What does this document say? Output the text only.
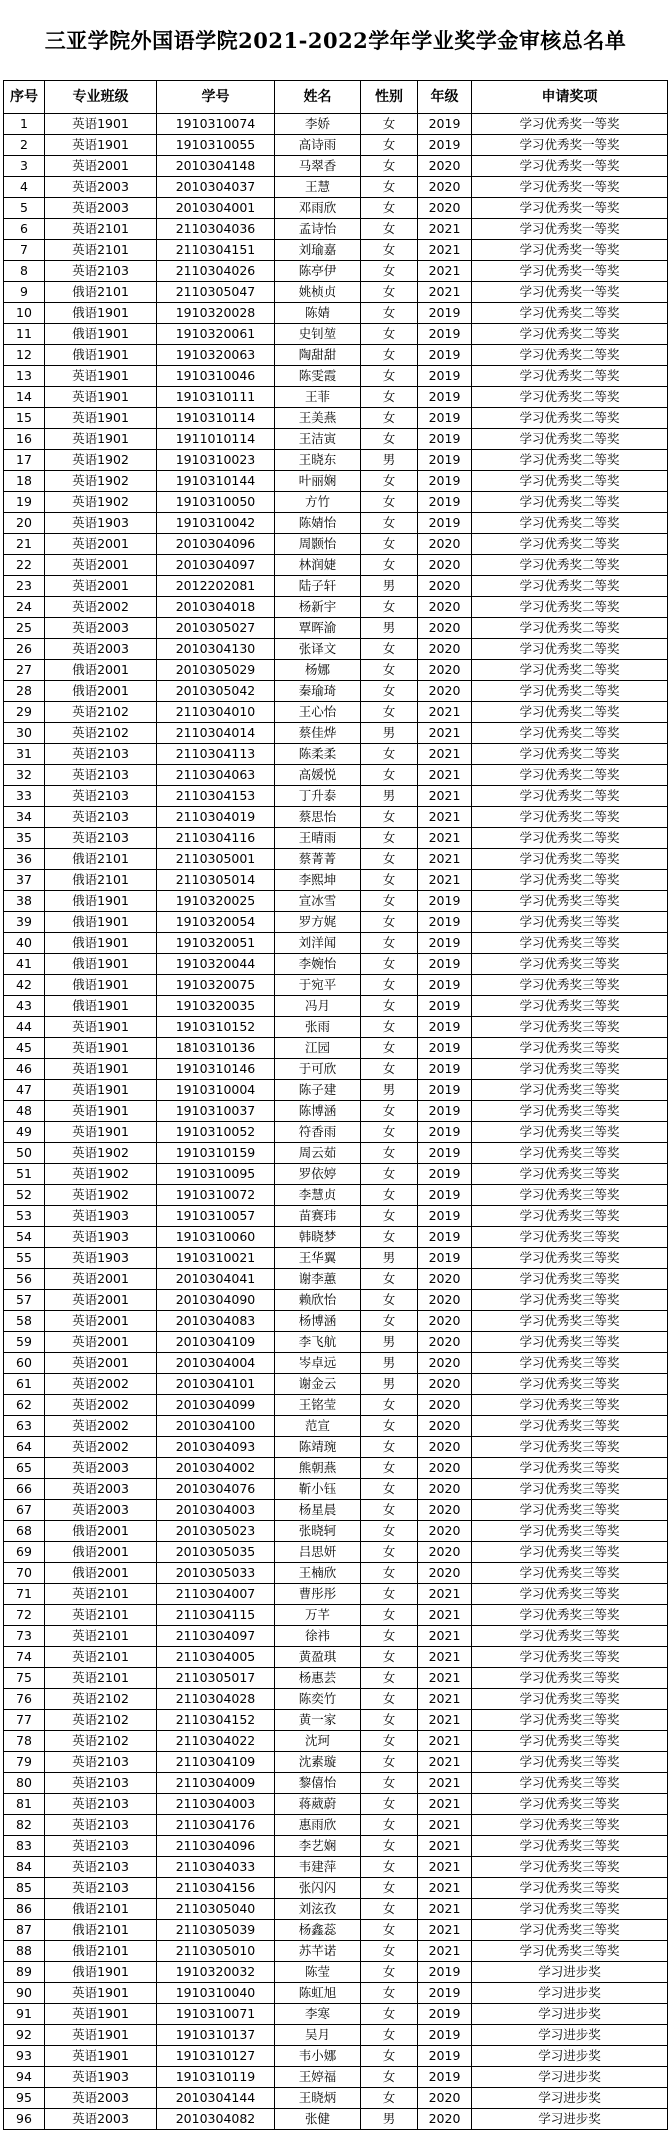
三亚学院外国语学院2021-2022学年学业奖学金审核总名单
序号	专业班级	学号	姓名	性别	年级	申请奖项
1	英语1901	1910310074	李娇	女	2019	学习优秀奖一等奖
2	英语1901	1910310055	高诗雨	女	2019	学习优秀奖一等奖
3	英语2001	2010304148	马翠香	女	2020	学习优秀奖一等奖
4	英语2003	2010304037	王慧	女	2020	学习优秀奖一等奖
5	英语2003	2010304001	邓雨欣	女	2020	学习优秀奖一等奖
6	英语2101	2110304036	孟诗怡	女	2021	学习优秀奖一等奖
7	英语2101	2110304151	刘瑜嘉	女	2021	学习优秀奖一等奖
8	英语2103	2110304026	陈亭伊	女	2021	学习优秀奖一等奖
9	俄语2101	2110305047	姚桢贞	女	2021	学习优秀奖一等奖
10	俄语1901	1910320028	陈婧	女	2019	学习优秀奖二等奖
11	俄语1901	1910320061	史钊堃	女	2019	学习优秀奖二等奖
12	俄语1901	1910320063	陶甜甜	女	2019	学习优秀奖二等奖
13	英语1901	1910310046	陈雯霞	女	2019	学习优秀奖二等奖
14	英语1901	1910310111	王菲	女	2019	学习优秀奖二等奖
15	英语1901	1910310114	王美燕	女	2019	学习优秀奖二等奖
16	英语1901	1911010114	王洁寅	女	2019	学习优秀奖二等奖
17	英语1902	1910310023	王晓东	男	2019	学习优秀奖二等奖
18	英语1902	1910310144	叶丽娴	女	2019	学习优秀奖二等奖
19	英语1902	1910310050	方竹	女	2019	学习优秀奖二等奖
20	英语1903	1910310042	陈婧怡	女	2019	学习优秀奖二等奖
21	英语2001	2010304096	周颢怡	女	2020	学习优秀奖二等奖
22	英语2001	2010304097	林润婕	女	2020	学习优秀奖二等奖
23	英语2001	2012202081	陆子轩	男	2020	学习优秀奖二等奖
24	英语2002	2010304018	杨新宇	女	2020	学习优秀奖二等奖
25	英语2003	2010305027	覃晖渝	男	2020	学习优秀奖二等奖
26	英语2003	2010304130	张译文	女	2020	学习优秀奖二等奖
27	俄语2001	2010305029	杨娜	女	2020	学习优秀奖二等奖
28	俄语2001	2010305042	秦瑜琦	女	2020	学习优秀奖二等奖
29	英语2102	2110304010	王心怡	女	2021	学习优秀奖二等奖
30	英语2102	2110304014	蔡佳烨	男	2021	学习优秀奖二等奖
31	英语2103	2110304113	陈柔柔	女	2021	学习优秀奖二等奖
32	英语2103	2110304063	高媛悦	女	2021	学习优秀奖二等奖
33	英语2103	2110304153	丁升泰	男	2021	学习优秀奖二等奖
34	英语2103	2110304019	蔡思怡	女	2021	学习优秀奖二等奖
35	英语2103	2110304116	王晴雨	女	2021	学习优秀奖二等奖
36	俄语2101	2110305001	蔡菁菁	女	2021	学习优秀奖二等奖
37	俄语2101	2110305014	李熙坤	女	2021	学习优秀奖二等奖
38	俄语1901	1910320025	宣冰雪	女	2019	学习优秀奖三等奖
39	俄语1901	1910320054	罗方娓	女	2019	学习优秀奖三等奖
40	俄语1901	1910320051	刘洋闻	女	2019	学习优秀奖三等奖
41	俄语1901	1910320044	李婉怡	女	2019	学习优秀奖三等奖
42	俄语1901	1910320075	于宛平	女	2019	学习优秀奖三等奖
43	俄语1901	1910320035	冯月	女	2019	学习优秀奖三等奖
44	英语1901	1910310152	张雨	女	2019	学习优秀奖三等奖
45	英语1901	1810310136	江园	女	2019	学习优秀奖三等奖
46	英语1901	1910310146	于可欣	女	2019	学习优秀奖三等奖
47	英语1901	1910310004	陈子建	男	2019	学习优秀奖三等奖
48	英语1901	1910310037	陈博涵	女	2019	学习优秀奖三等奖
49	英语1901	1910310052	符香雨	女	2019	学习优秀奖三等奖
50	英语1902	1910310159	周云茹	女	2019	学习优秀奖三等奖
51	英语1902	1910310095	罗依婷	女	2019	学习优秀奖三等奖
52	英语1902	1910310072	李慧贞	女	2019	学习优秀奖三等奖
53	英语1903	1910310057	苗赛玮	女	2019	学习优秀奖三等奖
54	英语1903	1910310060	韩晓梦	女	2019	学习优秀奖三等奖
55	英语1903	1910310021	王华翼	男	2019	学习优秀奖三等奖
56	英语2001	2010304041	谢李蕙	女	2020	学习优秀奖三等奖
57	英语2001	2010304090	赖欣怡	女	2020	学习优秀奖三等奖
58	英语2001	2010304083	杨博涵	女	2020	学习优秀奖三等奖
59	英语2001	2010304109	李飞航	男	2020	学习优秀奖三等奖
60	英语2001	2010304004	岑卓远	男	2020	学习优秀奖三等奖
61	英语2002	2010304101	谢金云	男	2020	学习优秀奖三等奖
62	英语2002	2010304099	王铭莹	女	2020	学习优秀奖三等奖
63	英语2002	2010304100	范宣	女	2020	学习优秀奖三等奖
64	英语2002	2010304093	陈靖琬	女	2020	学习优秀奖三等奖
65	英语2003	2010304002	熊朝燕	女	2020	学习优秀奖三等奖
66	英语2003	2010304076	靳小钰	女	2020	学习优秀奖三等奖
67	英语2003	2010304003	杨星晨	女	2020	学习优秀奖三等奖
68	俄语2001	2010305023	张晓轲	女	2020	学习优秀奖三等奖
69	俄语2001	2010305035	吕思妍	女	2020	学习优秀奖三等奖
70	俄语2001	2010305033	王楠欣	女	2020	学习优秀奖三等奖
71	英语2101	2110304007	曹彤彤	女	2021	学习优秀奖三等奖
72	英语2101	2110304115	万芊	女	2021	学习优秀奖三等奖
73	英语2101	2110304097	徐祎	女	2021	学习优秀奖三等奖
74	英语2101	2110304005	黄盈琪	女	2021	学习优秀奖三等奖
75	英语2101	2110305017	杨惠芸	女	2021	学习优秀奖三等奖
76	英语2102	2110304028	陈奕竹	女	2021	学习优秀奖三等奖
77	英语2102	2110304152	黄一家	女	2021	学习优秀奖三等奖
78	英语2102	2110304022	沈珂	女	2021	学习优秀奖三等奖
79	英语2103	2110304109	沈素璇	女	2021	学习优秀奖三等奖
80	英语2103	2110304009	黎僖怡	女	2021	学习优秀奖三等奖
81	英语2103	2110304003	蒋葳蔚	女	2021	学习优秀奖三等奖
82	英语2103	2110304176	惠雨欣	女	2021	学习优秀奖三等奖
83	英语2103	2110304096	李艺娴	女	2021	学习优秀奖三等奖
84	英语2103	2110304033	韦建萍	女	2021	学习优秀奖三等奖
85	英语2103	2110304156	张闪闪	女	2021	学习优秀奖三等奖
86	俄语2101	2110305040	刘泫孜	女	2021	学习优秀奖三等奖
87	俄语2101	2110305039	杨鑫蕊	女	2021	学习优秀奖三等奖
88	俄语2101	2110305010	苏芊诺	女	2021	学习优秀奖三等奖
89	俄语1901	1910320032	陈莹	女	2019	学习进步奖
90	英语1901	1910310040	陈虹旭	女	2019	学习进步奖
91	英语1901	1910310071	李寒	女	2019	学习进步奖
92	英语1901	1910310137	吴月	女	2019	学习进步奖
93	英语1901	1910310127	韦小娜	女	2019	学习进步奖
94	英语1903	1910310119	王婷福	女	2019	学习进步奖
95	英语2003	2010304144	王晓炳	女	2020	学习进步奖
96	英语2003	2010304082	张健	男	2020	学习进步奖
